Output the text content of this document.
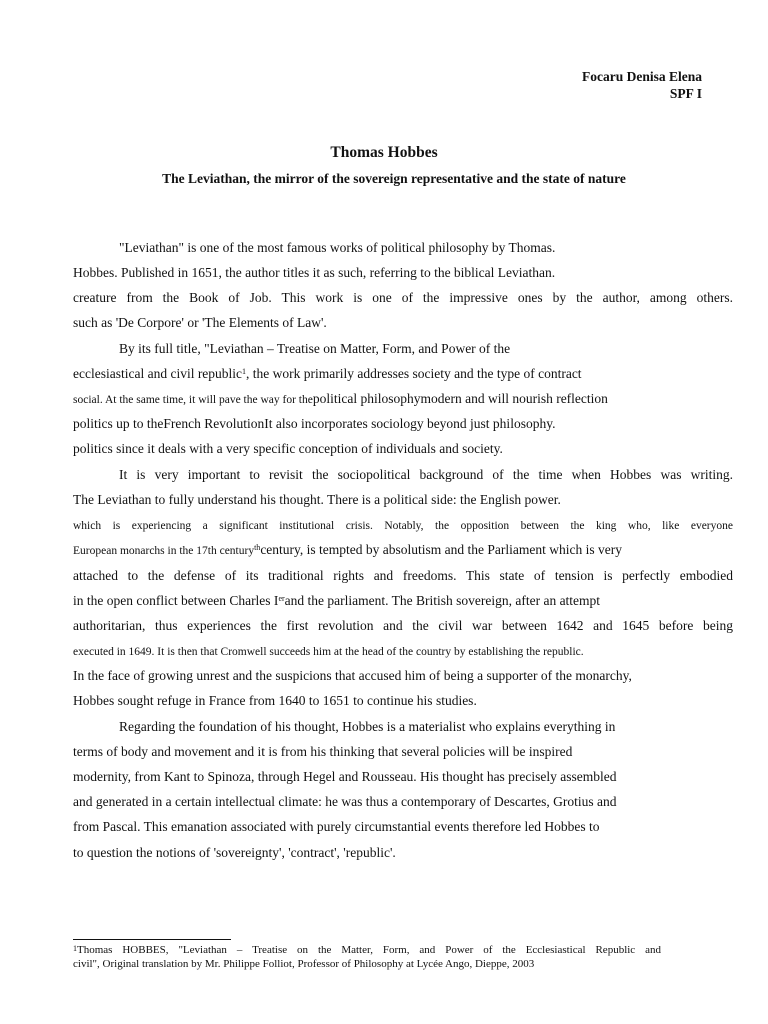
Focaru Denisa Elena
SPF I
Thomas Hobbes
The Leviathan, the mirror of the sovereign representative and the state of nature
"Leviathan" is one of the most famous works of political philosophy by Thomas.
Hobbes. Published in 1651, the author titles it as such, referring to the biblical Leviathan.
creature from the Book of Job. This work is one of the impressive ones by the author, among others.
such as 'De Corpore' or 'The Elements of Law'.
By its full title, "Leviathan – Treatise on Matter, Form, and Power of the
ecclesiastical and civil republic$^1$, the work primarily addresses society and the type of contract
social. At the same time, it will pave the way for thepolitical philosophymodern and will nourish reflection
politics up to theFrench RevolutionIt also incorporates sociology beyond just philosophy.
politics since it deals with a very specific conception of individuals and society.
It is very important to revisit the sociopolitical background of the time when Hobbes was writing.
The Leviathan to fully understand his thought. There is a political side: the English power.
which is experiencing a significant institutional crisis. Notably, the opposition between the king who, like everyone
European monarchs in the 17th century$^{th}$century, is tempted by absolutism and the Parliament which is very
attached to the defense of its traditional rights and freedoms. This state of tension is perfectly embodied
in the open conflict between Charles Ierand the parliament. The British sovereign, after an attempt
authoritarian, thus experiences the first revolution and the civil war between 1642 and 1645 before being
executed in 1649. It is then that Cromwell succeeds him at the head of the country by establishing the republic.
In the face of growing unrest and the suspicions that accused him of being a supporter of the monarchy,
Hobbes sought refuge in France from 1640 to 1651 to continue his studies.
Regarding the foundation of his thought, Hobbes is a materialist who explains everything in
terms of body and movement and it is from his thinking that several policies will be inspired
modernity, from Kant to Spinoza, through Hegel and Rousseau. His thought has precisely assembled
and generated in a certain intellectual climate: he was thus a contemporary of Descartes, Grotius and
from Pascal. This emanation associated with purely circumstantial events therefore led Hobbes to
to question the notions of 'sovereignty', 'contract', 'republic'.
$^1$Thomas HOBBES, "Leviathan – Treatise on the Matter, Form, and Power of the Ecclesiastical Republic and
civil", Original translation by Mr. Philippe Folliot, Professor of Philosophy at Lycée Ango, Dieppe, 2003
